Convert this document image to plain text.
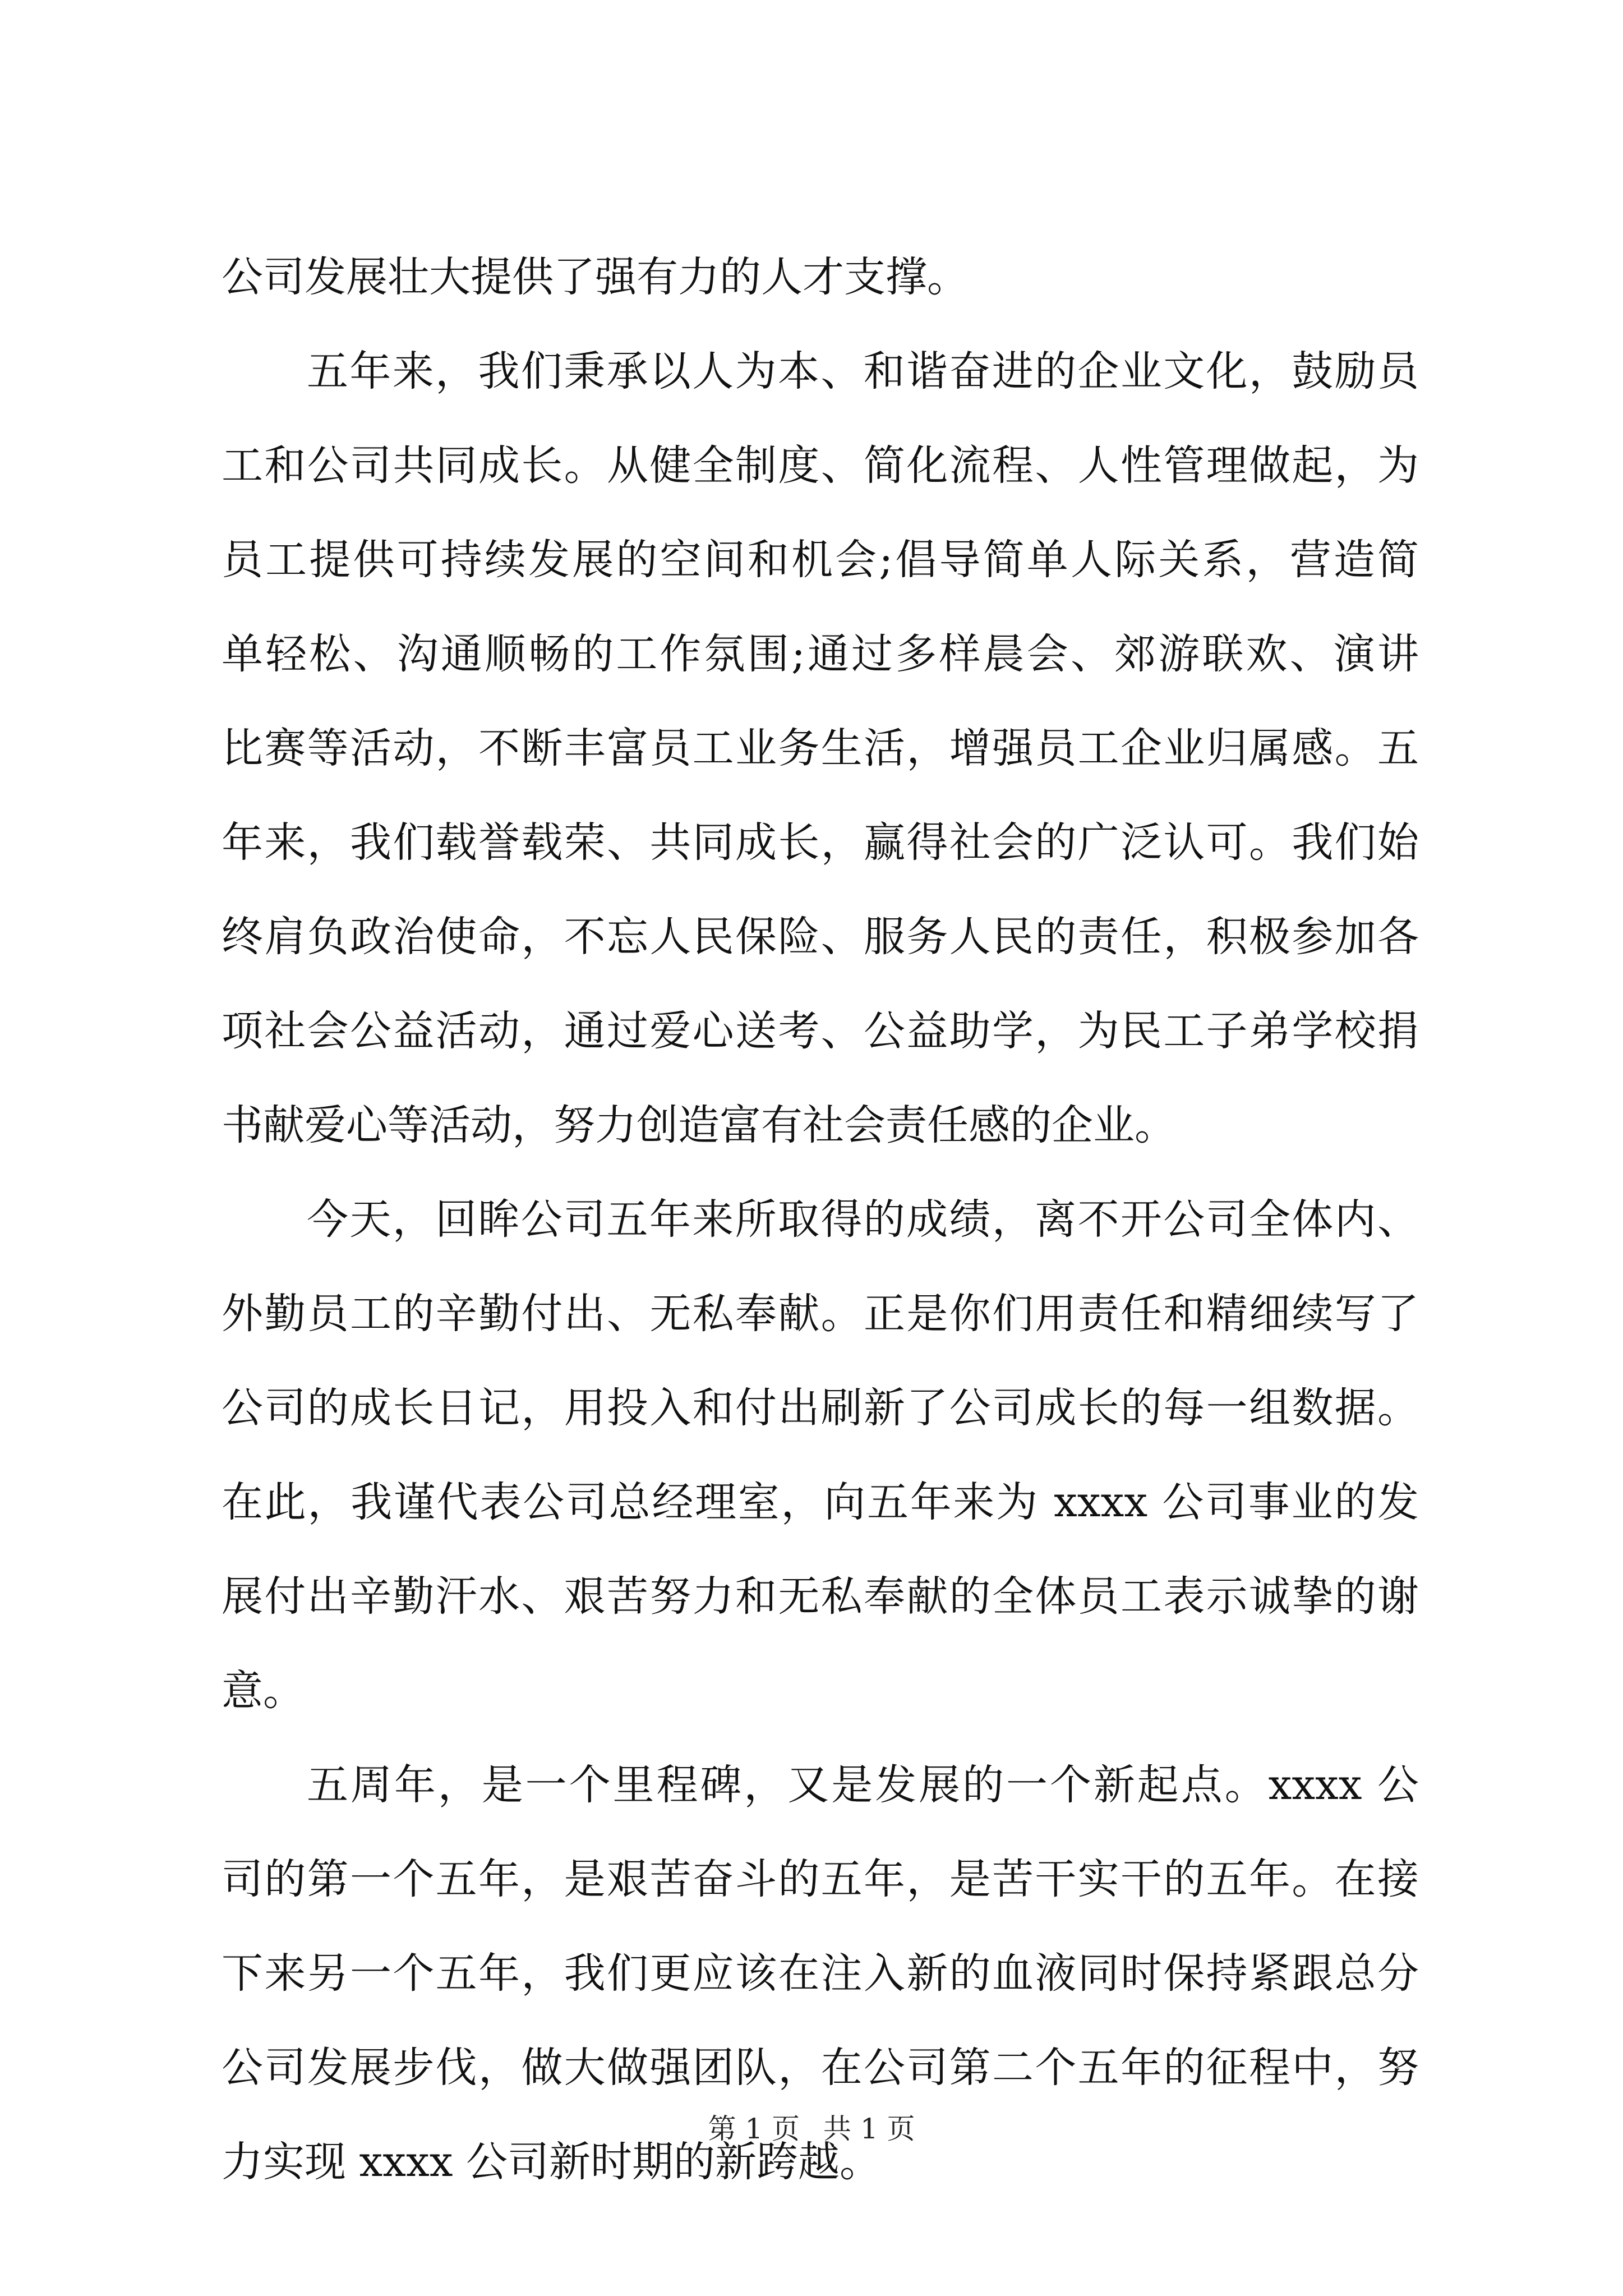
公司发展壮大提供了强有力的人才支撑。
五年来，我们秉承以人为本、和谐奋进的企业文化，鼓励员
工和公司共同成长。从健全制度、简化流程、人性管理做起，为
员工提供可持续发展的空间和机会;倡导简单人际关系，营造简
单轻松、沟通顺畅的工作氛围;通过多样晨会、郊游联欢、演讲
比赛等活动，不断丰富员工业务生活，增强员工企业归属感。五
年来，我们载誉载荣、共同成长，赢得社会的广泛认可。我们始
终肩负政治使命，不忘人民保险、服务人民的责任，积极参加各
项社会公益活动，通过爱心送考、公益助学，为民工子弟学校捐
书献爱心等活动，努力创造富有社会责任感的企业。
今天，回眸公司五年来所取得的成绩，离不开公司全体内、
外勤员工的辛勤付出、无私奉献。正是你们用责任和精细续写了
公司的成长日记，用投入和付出刷新了公司成长的每一组数据。
在此，我谨代表公司总经理室，向五年来为 xxxx 公司事业的发
展付出辛勤汗水、艰苦努力和无私奉献的全体员工表示诚挚的谢
意。
五周年，是一个里程碑，又是发展的一个新起点。xxxx 公
司的第一个五年，是艰苦奋斗的五年，是苦干实干的五年。在接
下来另一个五年，我们更应该在注入新的血液同时保持紧跟总分
公司发展步伐，做大做强团队，在公司第二个五年的征程中，努
力实现 xxxx 公司新时期的新跨越。
第 1 页 共 1 页
